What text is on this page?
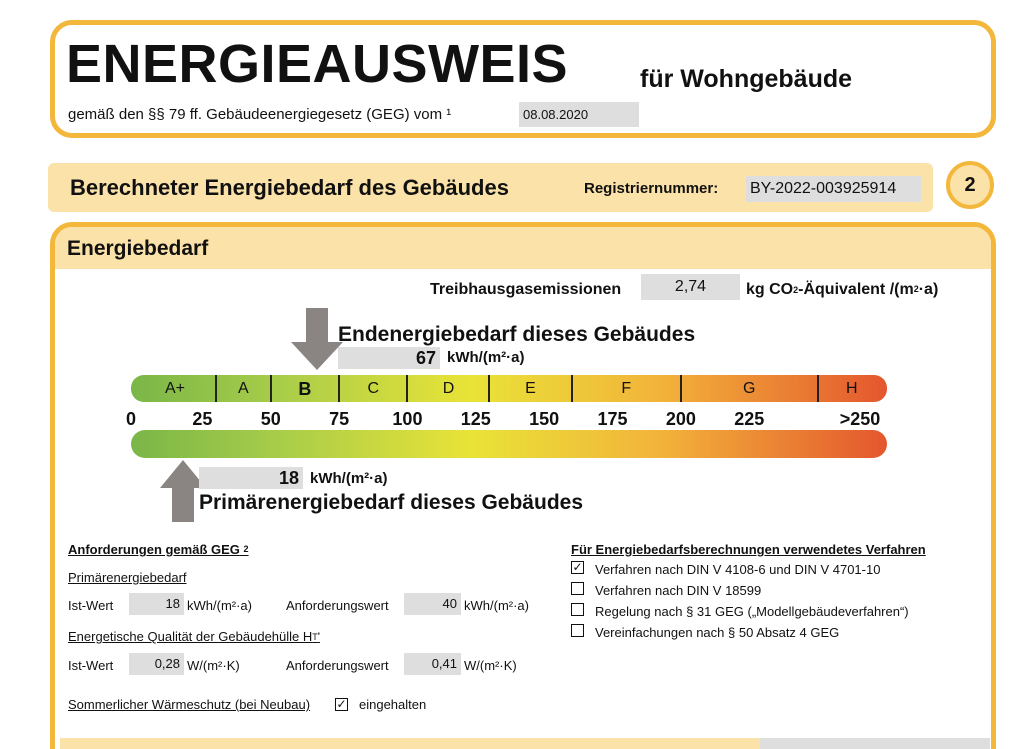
ENERGIEAUSWEIS	für Wohngebäude
gemäß den §§ 79 ff. Gebäudeenergiegesetz (GEG) vom ¹	08.08.2020
Berechneter Energiebedarf des Gebäudes	Registriernummer: BY-2022-003925914	2
Energiebedarf
Treibhausgasemissionen	2,74	kg CO2-Äquivalent $/(m^2\cdot a)$
Endenergiebedarf dieses Gebäudes
67 kWh/(m²·a)
A+	A	B	C	D	E	F	G	H
0	25	50	75	100	125	150	175	200	225	>250
18 kWh/(m²·a)
Primärenergiebedarf dieses Gebäudes
Anforderungen gemäß GEG $^2$
Primärenergiebedarf
Ist-Wert	18 kWh/(m²·a)	Anforderungswert	40 kWh/(m²·a)
Energetische Qualität der Gebäudehülle HT'
Ist-Wert	0,28 W/(m²·K)	Anforderungswert	0,41 W/(m²·K)
Sommerlicher Wärmeschutz (bei Neubau) ✓ eingehalten
Für Energiebedarfsberechnungen verwendetes Verfahren
✓ Verfahren nach DIN V 4108-6 und DIN V 4701-10
Verfahren nach DIN V 18599
Regelung nach § 31 GEG („Modellgebäudeverfahren“)
Vereinfachungen nach § 50 Absatz 4 GEG
